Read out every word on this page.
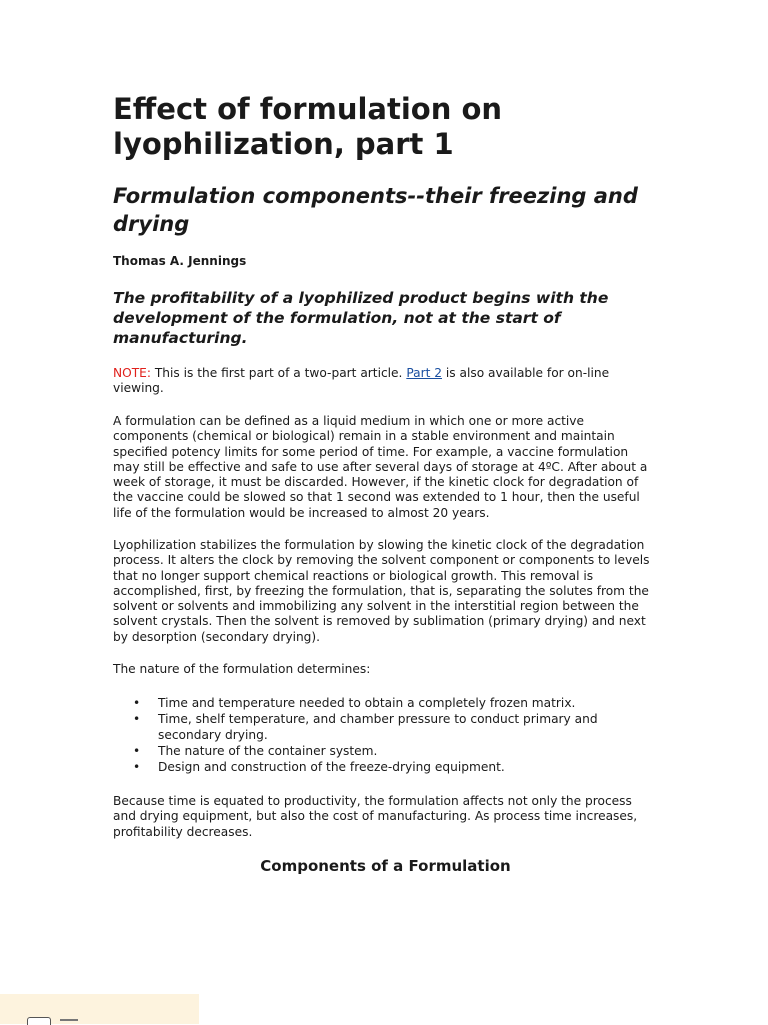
Effect of formulation on lyophilization, part 1
Formulation components--their freezing and drying

Thomas A. Jennings

The profitability of a lyophilized product begins with the development of the formulation, not at the start of manufacturing.

NOTE: This is the first part of a two-part article. Part 2 is also available for on-line viewing.

A formulation can be defined as a liquid medium in which one or more active components (chemical or biological) remain in a stable environment and maintain specified potency limits for some period of time. For example, a vaccine formulation may still be effective and safe to use after several days of storage at 4ºC. After about a week of storage, it must be discarded. However, if the kinetic clock for degradation of the vaccine could be slowed so that 1 second was extended to 1 hour, then the useful life of the formulation would be increased to almost 20 years.

Lyophilization stabilizes the formulation by slowing the kinetic clock of the degradation process. It alters the clock by removing the solvent component or components to levels that no longer support chemical reactions or biological growth. This removal is accomplished, first, by freezing the formulation, that is, separating the solutes from the solvent or solvents and immobilizing any solvent in the interstitial region between the solvent crystals. Then the solvent is removed by sublimation (primary drying) and next by desorption (secondary drying).

The nature of the formulation determines:

• Time and temperature needed to obtain a completely frozen matrix.
• Time, shelf temperature, and chamber pressure to conduct primary and secondary drying.
• The nature of the container system.
• Design and construction of the freeze-drying equipment.

Because time is equated to productivity, the formulation affects not only the process and drying equipment, but also the cost of manufacturing. As process time increases, profitability decreases.

Components of a Formulation
